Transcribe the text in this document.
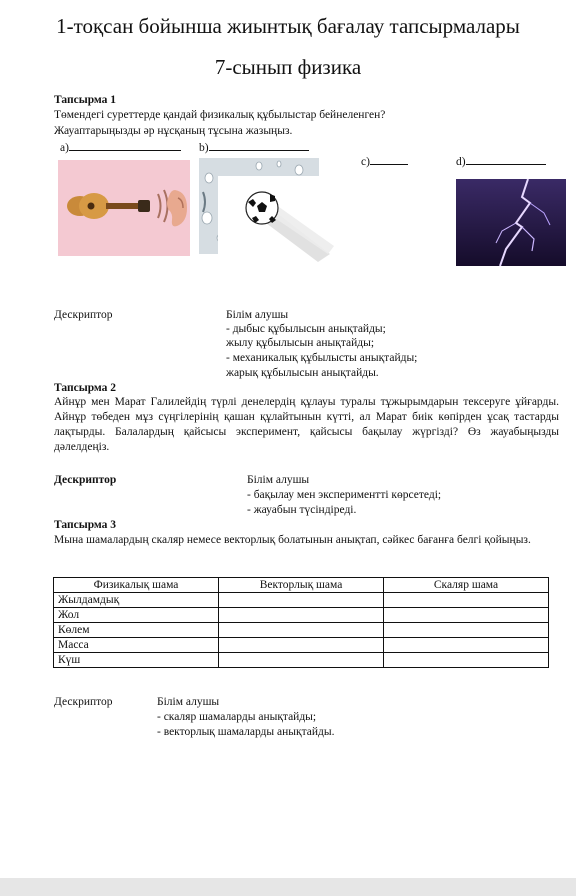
1-тоқсан бойынша жиынтық бағалау тапсырмалары
7-сынып физика
Тапсырма 1
Төмендегі суреттерде қандай физикалық құбылыстар бейнеленген?
Жауаптарыңызды әр нұсқаның тұсына жазыңыз.
a)	b)
c)	d)
Дескриптор	Білім алушы
- дыбыс құбылысын анықтайды;
жылу құбылысын анықтайды;
- механикалық құбылысты анықтайды;
жарық құбылысын анықтайды.
Тапсырма 2
Айнұр мен Марат Галилейдің түрлі денелердің құлауы туралы тұжырымдарын тексеруге ұйғарды. Айнұр төбеден мұз сүңгілерінің қашан құлайтынын күтті, ал Марат биік көпірден ұсақ тастарды лақтырды. Балалардың қайсысы эксперимент, қайсысы бақылау жүргізді? Өз жауабыңызды дәлелдеңіз.
Дескриптор	Білім алушы
- бақылау мен экспериментті көрсетеді;
- жауабын түсіндіреді.
Тапсырма 3
Мына шамалардың скаляр немесе векторлық болатынын анықтап, сәйкес бағанға белгі қойыңыз.
Физикалық шама	Векторлық шама	Скаляр шама
Жылдамдық		
Жол		
Көлем		
Масса		
Күш		
Дескриптор	Білім алушы
- скаляр шамаларды анықтайды;
- векторлық шамаларды анықтайды.
